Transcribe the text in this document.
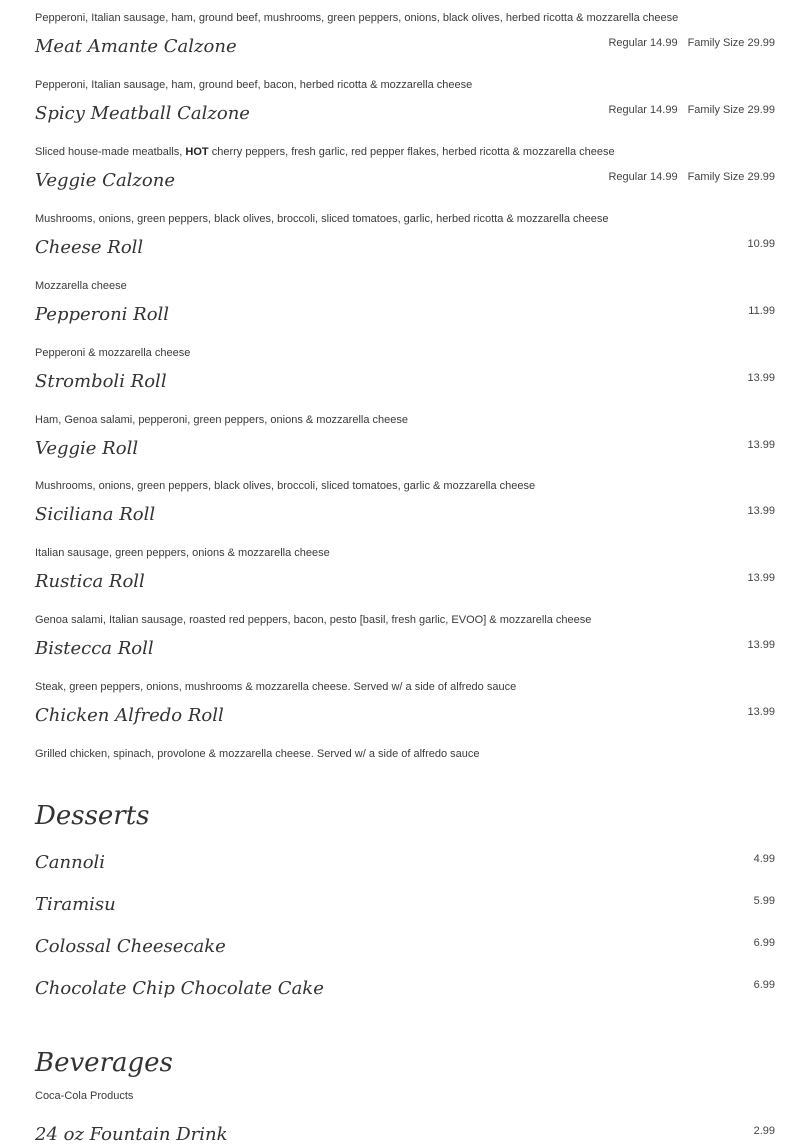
Pepperoni, Italian sausage, ham, ground beef, mushrooms, green peppers, onions, black olives, herbed ricotta & mozzarella cheese
Meat Amante Calzone	Regular 14.99 Family Size 29.99
Pepperoni, Italian sausage, ham, ground beef, bacon, herbed ricotta & mozzarella cheese
Spicy Meatball Calzone	Regular 14.99 Family Size 29.99
Sliced house-made meatballs, HOT cherry peppers, fresh garlic, red pepper flakes, herbed ricotta & mozzarella cheese
Veggie Calzone	Regular 14.99 Family Size 29.99
Mushrooms, onions, green peppers, black olives, broccoli, sliced tomatoes, garlic, herbed ricotta & mozzarella cheese
Cheese Roll	10.99
Mozzarella cheese
Pepperoni Roll	11.99
Pepperoni & mozzarella cheese
Stromboli Roll	13.99
Ham, Genoa salami, pepperoni, green peppers, onions & mozzarella cheese
Veggie Roll	13.99
Mushrooms, onions, green peppers, black olives, broccoli, sliced tomatoes, garlic & mozzarella cheese
Siciliana Roll	13.99
Italian sausage, green peppers, onions & mozzarella cheese
Rustica Roll	13.99
Genoa salami, Italian sausage, roasted red peppers, bacon, pesto [basil, fresh garlic, EVOO] & mozzarella cheese
Bistecca Roll	13.99
Steak, green peppers, onions, mushrooms & mozzarella cheese. Served w/ a side of alfredo sauce
Chicken Alfredo Roll	13.99
Grilled chicken, spinach, provolone & mozzarella cheese. Served w/ a side of alfredo sauce
Desserts
Cannoli	4.99
Tiramisu	5.99
Colossal Cheesecake	6.99
Chocolate Chip Chocolate Cake	6.99
Beverages
Coca-Cola Products
24 oz Fountain Drink	2.99
